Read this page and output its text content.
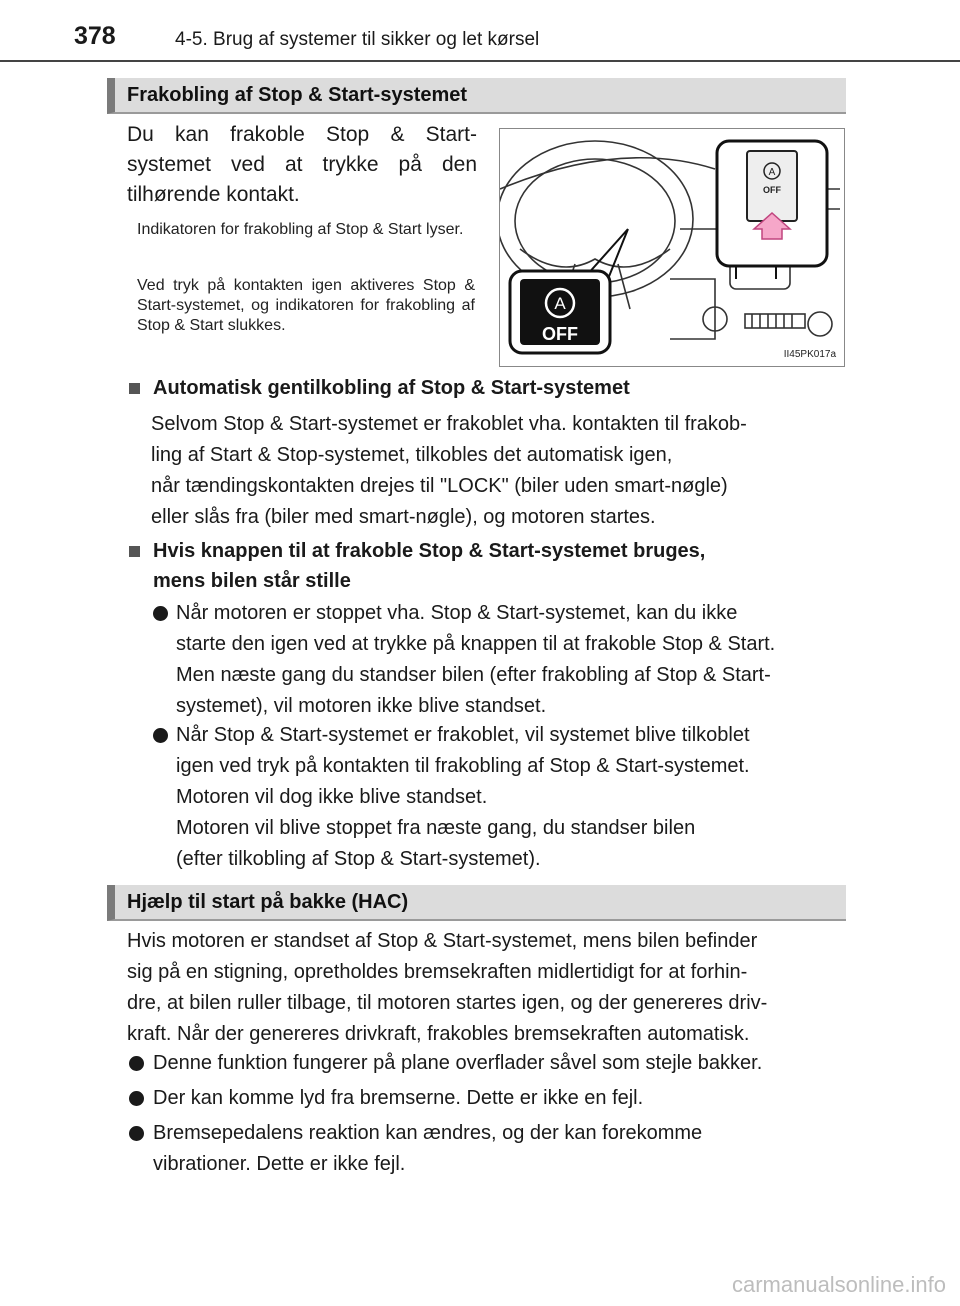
378	4-5. Brug af systemer til sikker og let kørsel
Frakobling af Stop & Start-systemet
Du kan frakoble Stop & Start-systemet ved at trykke på den tilhørende kontakt.
Indikatoren for frakobling af Stop & Start lyser.
Ved tryk på kontakten igen aktiveres Stop & Start-systemet, og indikatoren for frakobling af Stop & Start slukkes.
A
OFF
A
OFF
II45PK017a
Automatisk gentilkobling af Stop & Start-systemet
Selvom Stop & Start-systemet er frakoblet vha. kontakten til frakob-
ling af Start & Stop-systemet, tilkobles det automatisk igen,
når tændingskontakten drejes til "LOCK" (biler uden smart-nøgle)
eller slås fra (biler med smart-nøgle), og motoren startes.
Hvis knappen til at frakoble Stop & Start-systemet bruges,
mens bilen står stille
Når motoren er stoppet vha. Stop & Start-systemet, kan du ikke
starte den igen ved at trykke på knappen til at frakoble Stop & Start.
Men næste gang du standser bilen (efter frakobling af Stop & Start-
systemet), vil motoren ikke blive standset.
Når Stop & Start-systemet er frakoblet, vil systemet blive tilkoblet
igen ved tryk på kontakten til frakobling af Stop & Start-systemet.
Motoren vil dog ikke blive standset.
Motoren vil blive stoppet fra næste gang, du standser bilen
(efter tilkobling af Stop & Start-systemet).
Hjælp til start på bakke (HAC)
Hvis motoren er standset af Stop & Start-systemet, mens bilen befinder
sig på en stigning, opretholdes bremsekraften midlertidigt for at forhin-
dre, at bilen ruller tilbage, til motoren startes igen, og der genereres driv-
kraft. Når der genereres drivkraft, frakobles bremsekraften automatisk.
Denne funktion fungerer på plane overflader såvel som stejle bakker.
Der kan komme lyd fra bremserne. Dette er ikke en fejl.
Bremsepedalens reaktion kan ændres, og der kan forekomme
vibrationer. Dette er ikke fejl.
carmanualsonline.info
